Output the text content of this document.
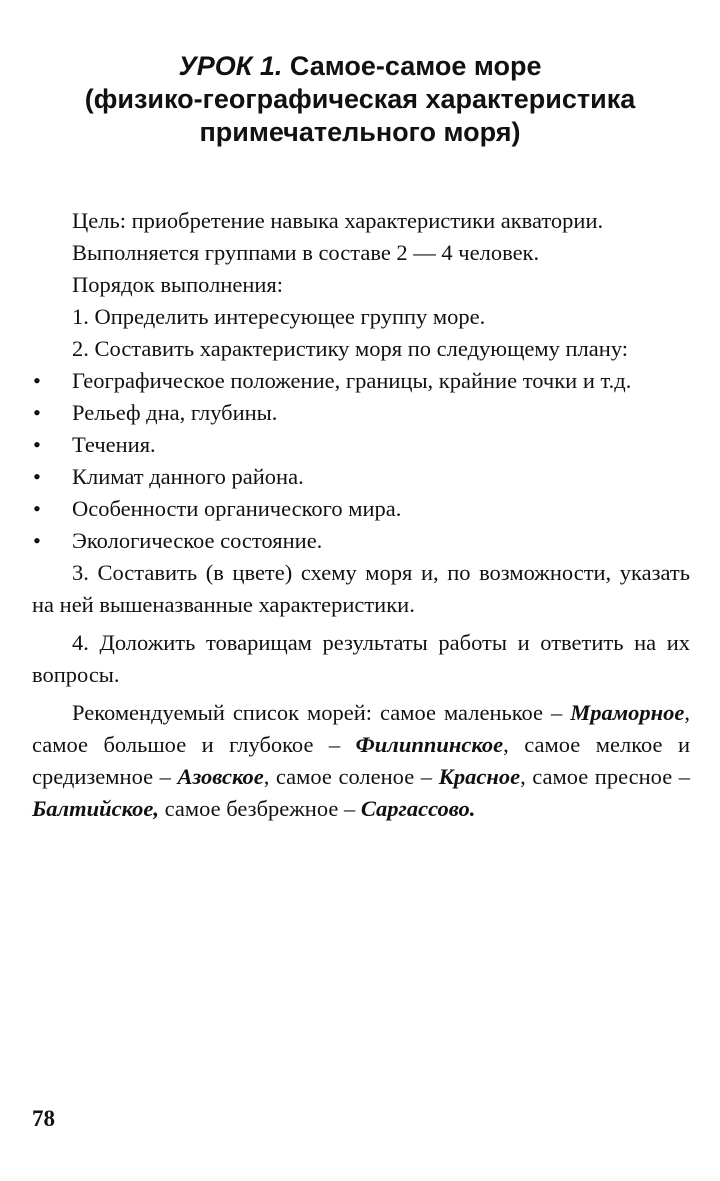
УРОК 1. Самое-самое море
(физико-географическая характеристика
примечательного моря)

Цель: приобретение навыка характеристики акватории.

Выполняется группами в составе 2 — 4 человек.

Порядок выполнения:

1. Определить интересующее группу море.

2. Составить характеристику моря по следующему плану:

• Географическое положение, границы, крайние точки и т.д.
• Рельеф дна, глубины.
• Течения.
• Климат данного района.
• Особенности органического мира.
• Экологическое состояние.

3. Составить (в цвете) схему моря и, по возможности, указать на ней вышеназванные характеристики.

4. Доложить товарищам результаты работы и ответить на их вопросы.

Рекомендуемый список морей: самое маленькое – Мраморное, самое большое и глубокое – Филиппинское, самое мелкое и средиземное – Азовское, самое соленое – Красное, самое пресное – Балтийское, самое безбрежное – Саргассово.

78
